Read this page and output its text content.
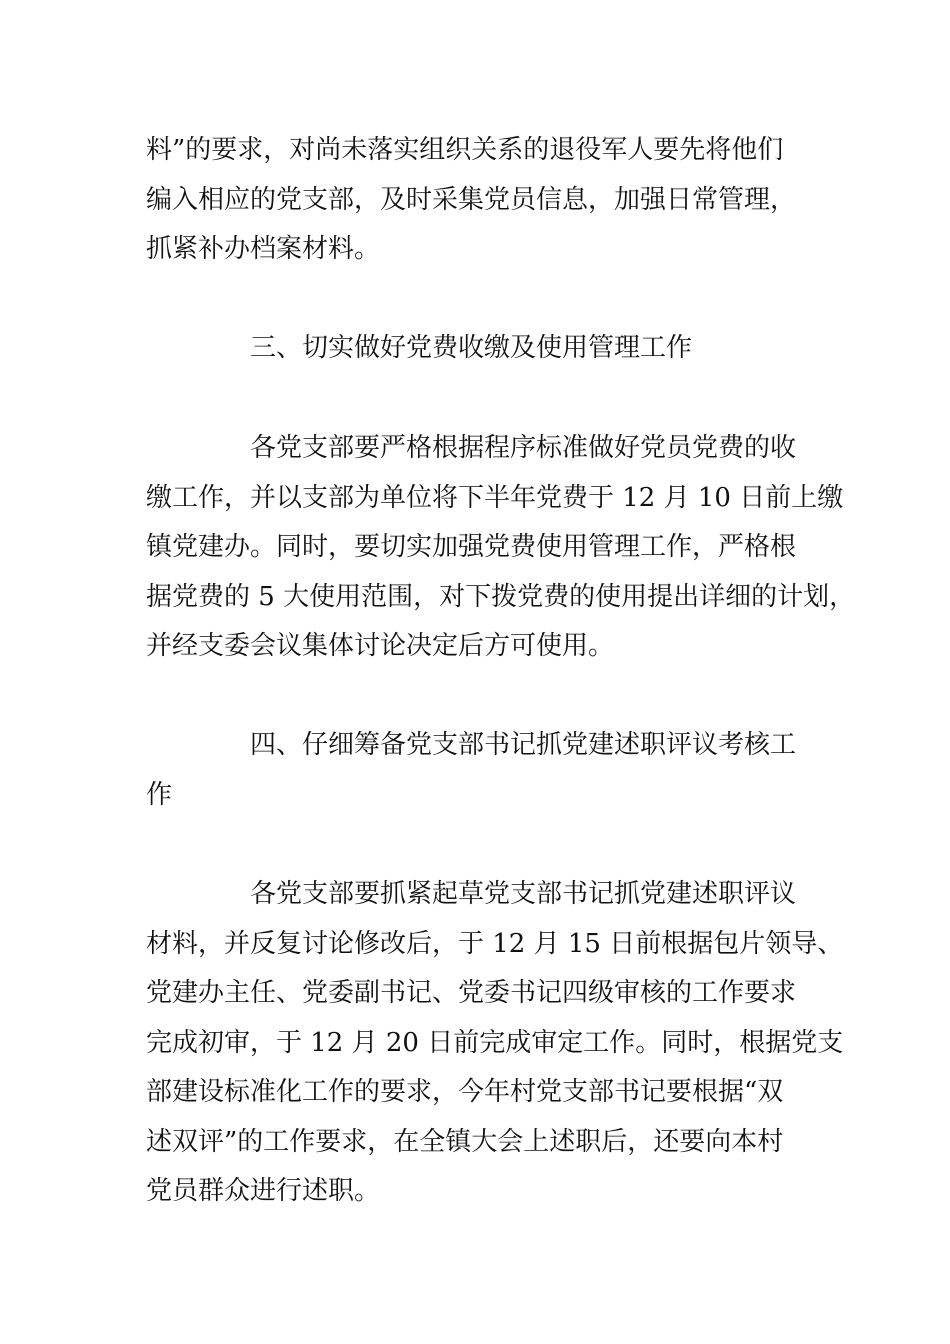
料”的要求，对尚未落实组织关系的退役军人要先将他们
编入相应的党支部，及时采集党员信息，加强日常管理，
抓紧补办档案材料。
三、切实做好党费收缴及使用管理工作
各党支部要严格根据程序标准做好党员党费的收
缴工作，并以支部为单位将下半年党费于 12 月 10 日前上缴
镇党建办。同时，要切实加强党费使用管理工作，严格根
据党费的 5 大使用范围，对下拨党费的使用提出详细的计划，
并经支委会议集体讨论决定后方可使用。
四、仔细筹备党支部书记抓党建述职评议考核工
作
各党支部要抓紧起草党支部书记抓党建述职评议
材料，并反复讨论修改后，于 12 月 15 日前根据包片领导、
党建办主任、党委副书记、党委书记四级审核的工作要求
完成初审，于 12 月 20 日前完成审定工作。同时，根据党支
部建设标准化工作的要求，今年村党支部书记要根据“双
述双评”的工作要求，在全镇大会上述职后，还要向本村
党员群众进行述职。
